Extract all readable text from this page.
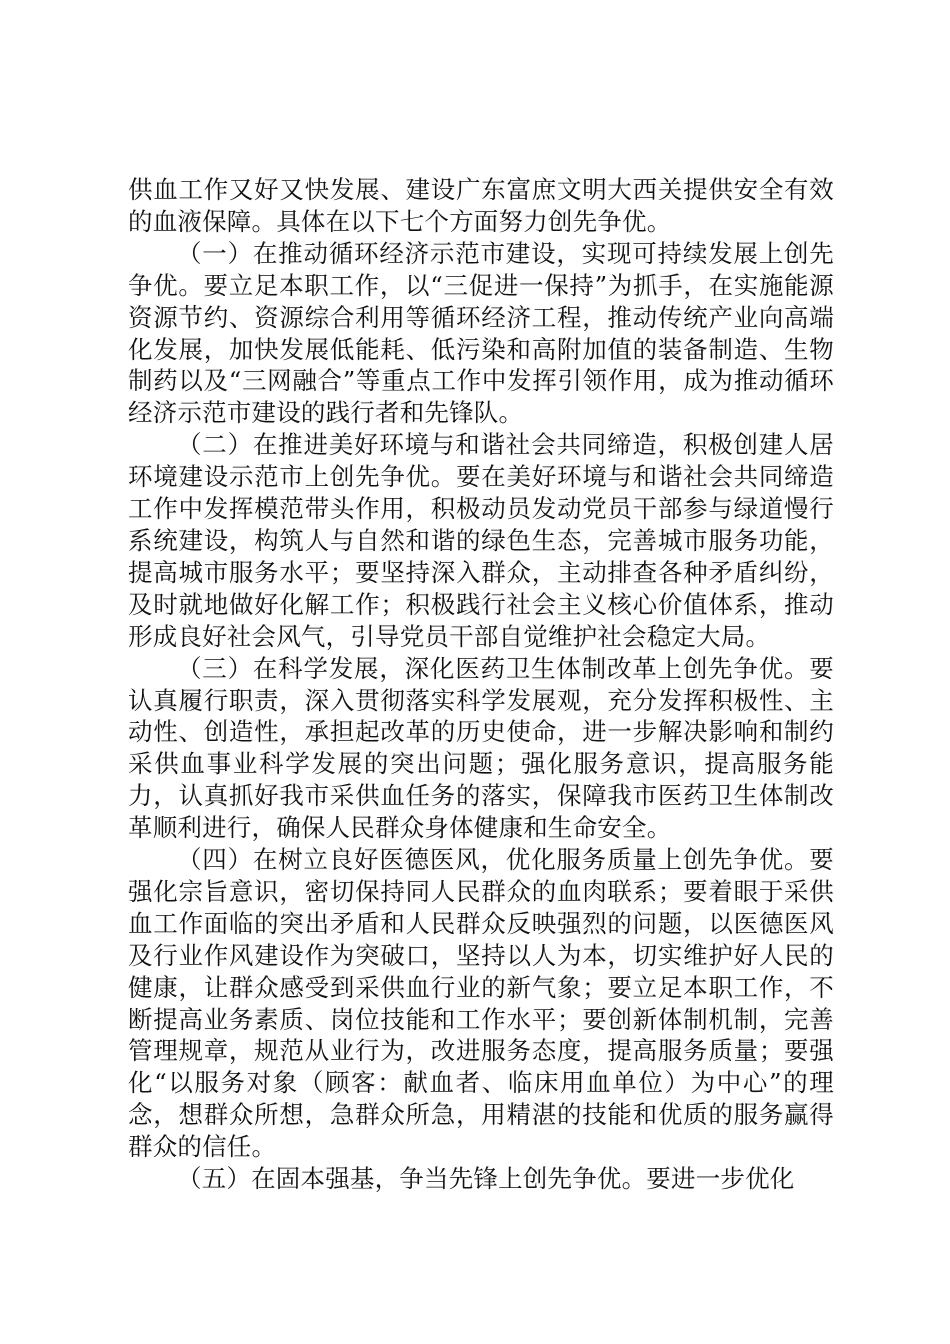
供血工作又好又快发展、建设广东富庶文明大西关提供安全有效的血液保障。具体在以下七个方面努力创先争优。

（一）在推动循环经济示范市建设，实现可持续发展上创先争优。要立足本职工作，以“三促进一保持”为抓手，在实施能源资源节约、资源综合利用等循环经济工程，推动传统产业向高端化发展，加快发展低能耗、低污染和高附加值的装备制造、生物制药以及“三网融合”等重点工作中发挥引领作用，成为推动循环经济示范市建设的践行者和先锋队。

（二）在推进美好环境与和谐社会共同缔造，积极创建人居环境建设示范市上创先争优。要在美好环境与和谐社会共同缔造工作中发挥模范带头作用，积极动员发动党员干部参与绿道慢行系统建设，构筑人与自然和谐的绿色生态，完善城市服务功能，提高城市服务水平；要坚持深入群众，主动排查各种矛盾纠纷，及时就地做好化解工作；积极践行社会主义核心价值体系，推动形成良好社会风气，引导党员干部自觉维护社会稳定大局。

（三）在科学发展，深化医药卫生体制改革上创先争优。要认真履行职责，深入贯彻落实科学发展观，充分发挥积极性、主动性、创造性，承担起改革的历史使命，进一步解决影响和制约采供血事业科学发展的突出问题；强化服务意识，提高服务能力，认真抓好我市采供血任务的落实，保障我市医药卫生体制改革顺利进行，确保人民群众身体健康和生命安全。

（四）在树立良好医德医风，优化服务质量上创先争优。要强化宗旨意识，密切保持同人民群众的血肉联系；要着眼于采供血工作面临的突出矛盾和人民群众反映强烈的问题，以医德医风及行业作风建设作为突破口，坚持以人为本，切实维护好人民的健康，让群众感受到采供血行业的新气象；要立足本职工作，不断提高业务素质、岗位技能和工作水平；要创新体制机制，完善管理规章，规范从业行为，改进服务态度，提高服务质量；要强化“以服务对象（顾客：献血者、临床用血单位）为中心”的理念，想群众所想，急群众所急，用精湛的技能和优质的服务赢得群众的信任。

（五）在固本强基，争当先锋上创先争优。要进一步优化
